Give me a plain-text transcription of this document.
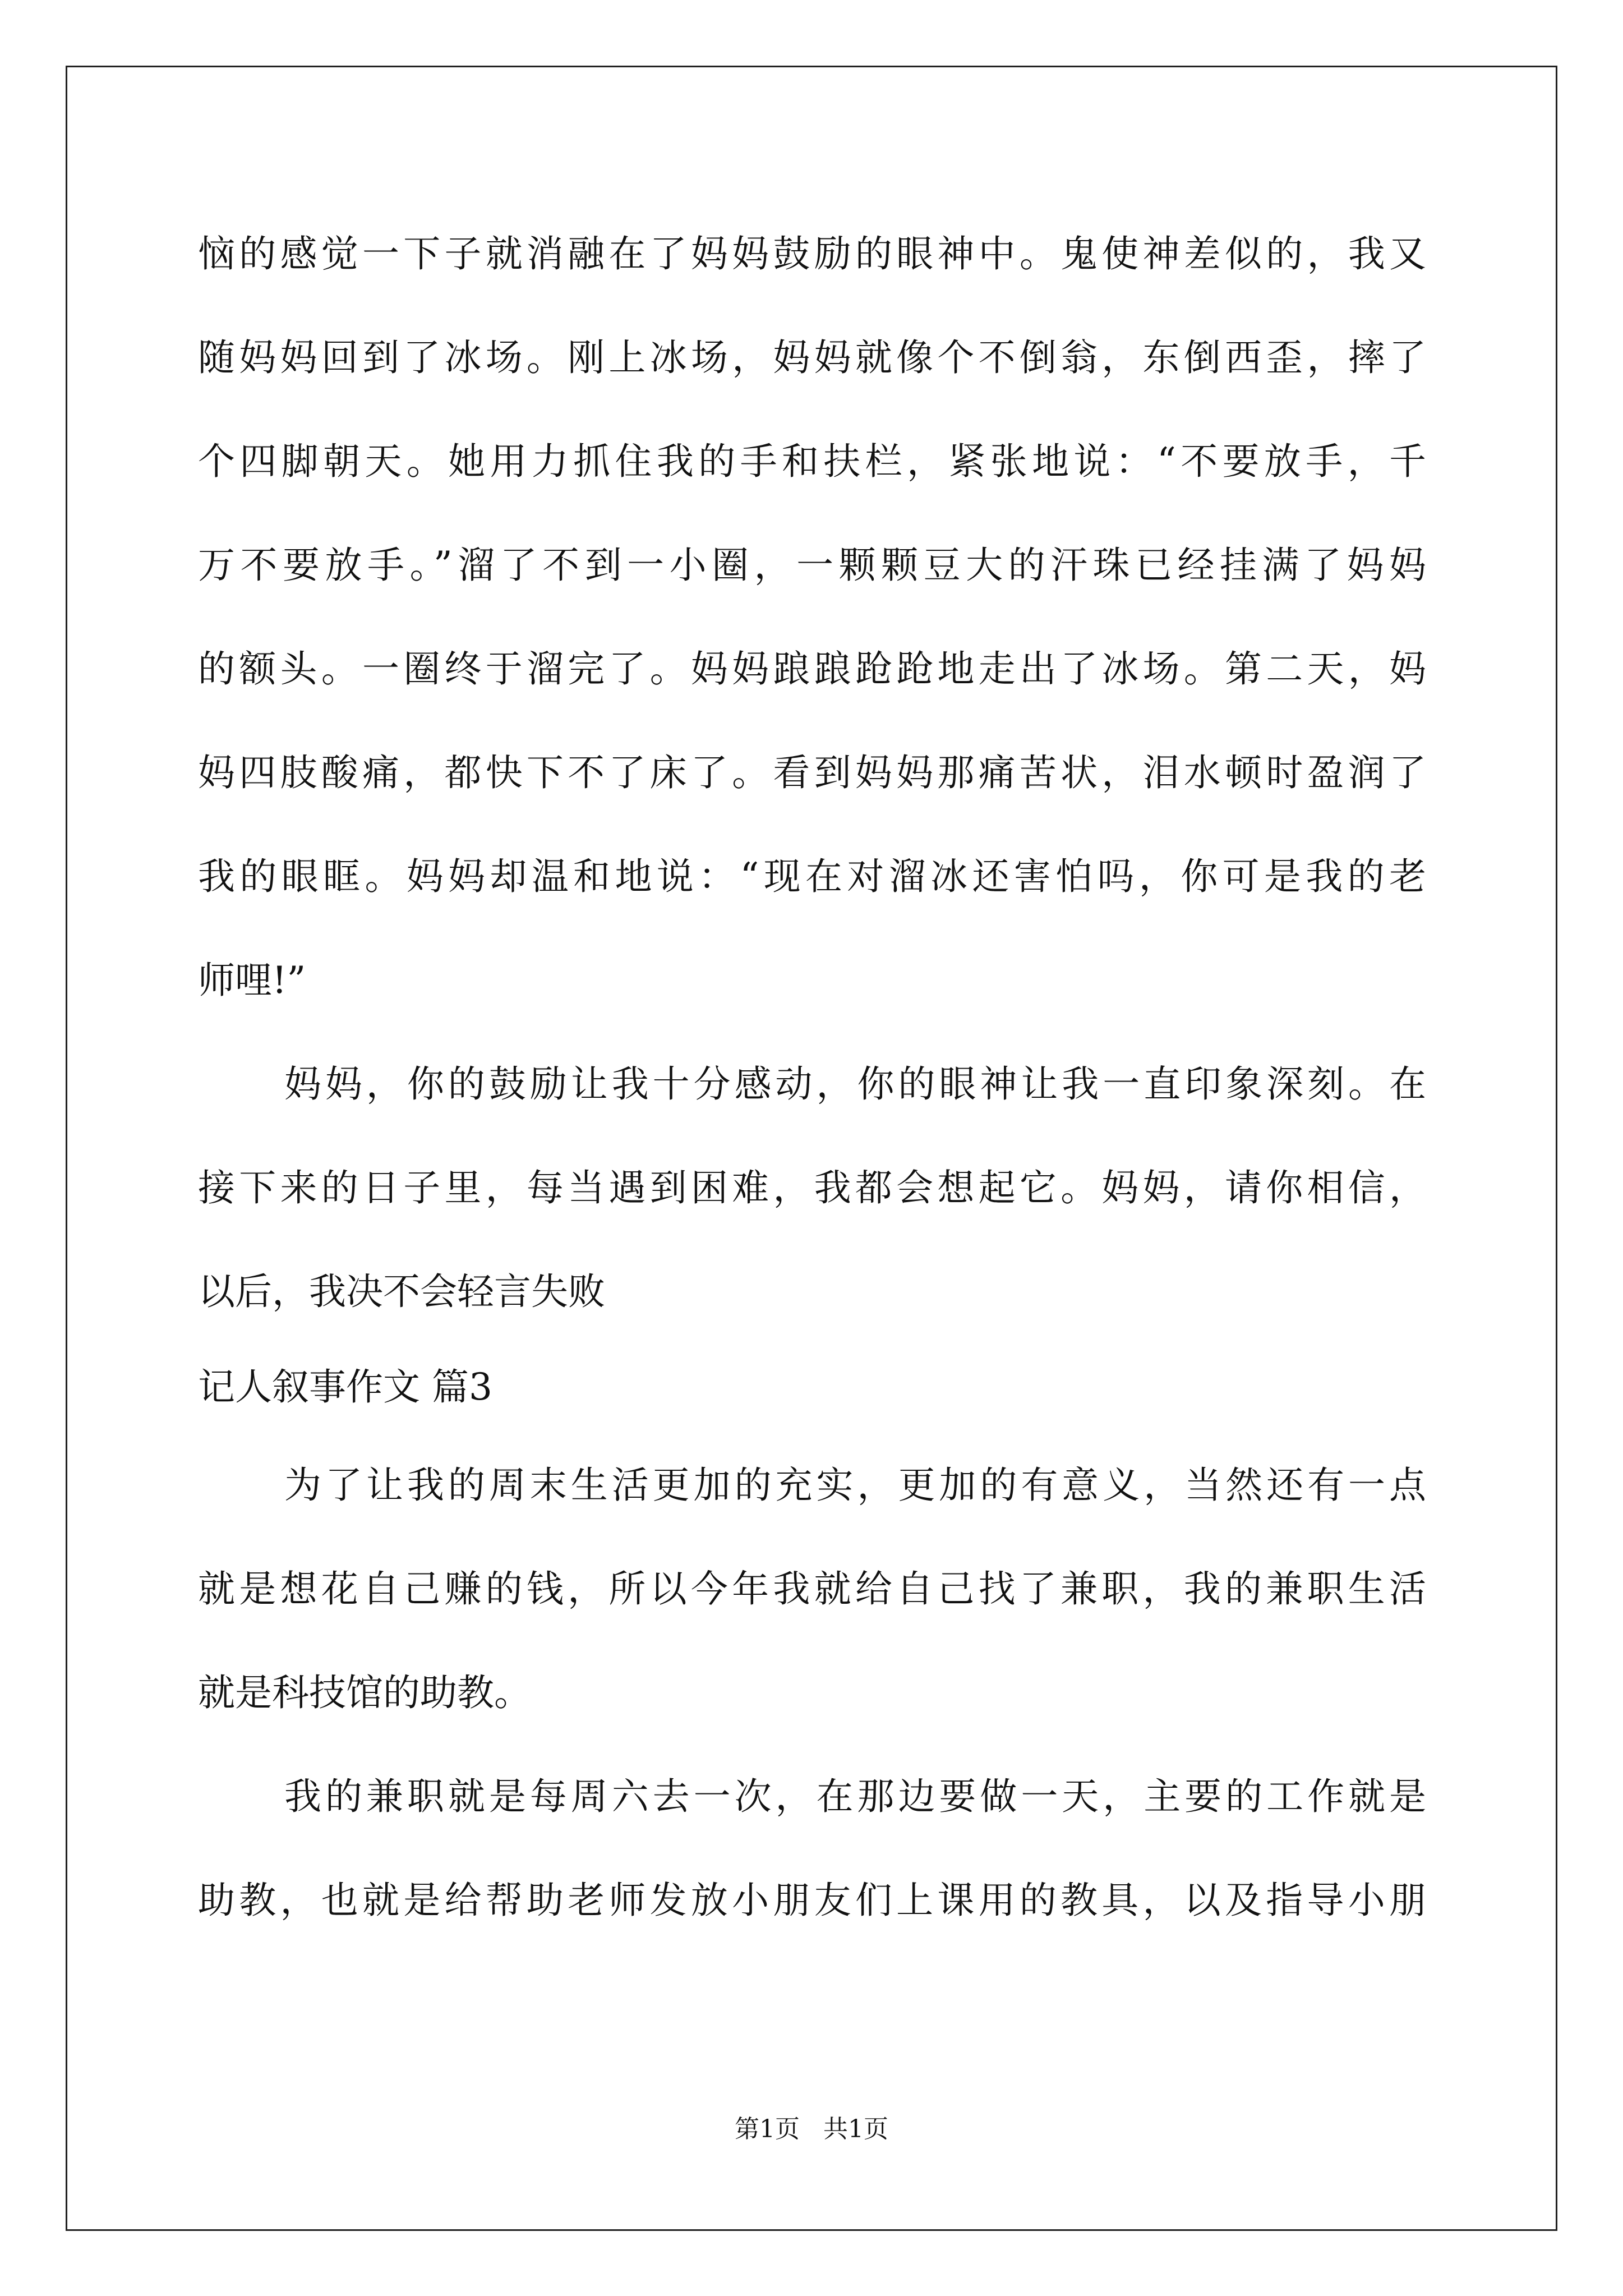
恼的感觉一下子就消融在了妈妈鼓励的眼神中。鬼使神差似的，我又

随妈妈回到了冰场。刚上冰场，妈妈就像个不倒翁，东倒西歪，摔了

个四脚朝天。她用力抓住我的手和扶栏，紧张地说：“不要放手，千

万不要放手。”溜了不到一小圈，一颗颗豆大的汗珠已经挂满了妈妈

的额头。一圈终于溜完了。妈妈踉踉跄跄地走出了冰场。第二天，妈

妈四肢酸痛，都快下不了床了。看到妈妈那痛苦状，泪水顿时盈润了

我的眼眶。妈妈却温和地说：“现在对溜冰还害怕吗，你可是我的老

师哩!”

妈妈，你的鼓励让我十分感动，你的眼神让我一直印象深刻。在

接下来的日子里，每当遇到困难，我都会想起它。妈妈，请你相信，

以后，我决不会轻言失败

记人叙事作文 篇3

为了让我的周末生活更加的充实，更加的有意义，当然还有一点

就是想花自己赚的钱，所以今年我就给自己找了兼职，我的兼职生活

就是科技馆的助教。

我的兼职就是每周六去一次，在那边要做一天，主要的工作就是

助教，也就是给帮助老师发放小朋友们上课用的教具，以及指导小朋

第1页   共1页
